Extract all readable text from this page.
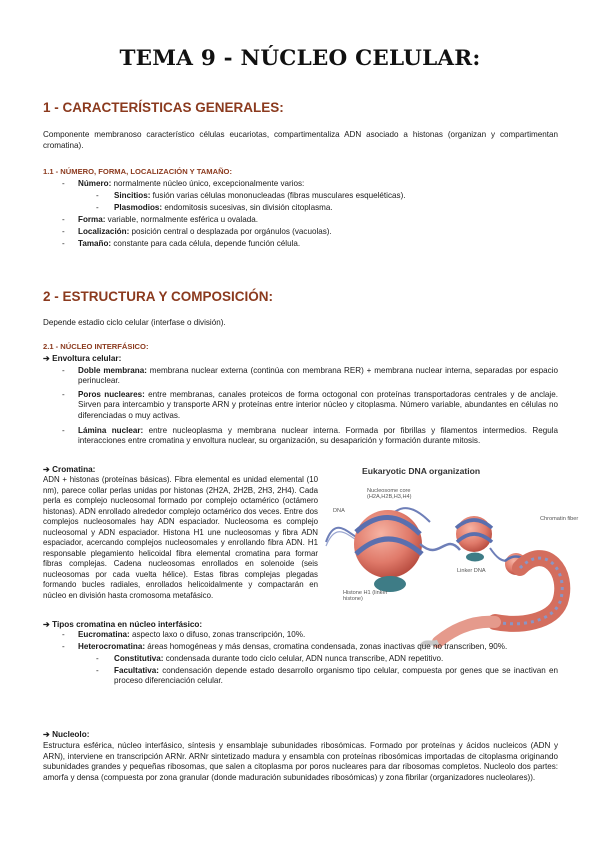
TEMA 9 - NÚCLEO CELULAR:
1 - CARACTERÍSTICAS GENERALES:
Componente membranoso característico células eucariotas, compartimentaliza ADN asociado a histonas (organizan y compartimentan cromatina).
1.1 - NÚMERO, FORMA, LOCALIZACIÓN Y TAMAÑO:
- Número: normalmente núcleo único, excepcionalmente varios:
- Sincitios: fusión varias células mononucleadas (fibras musculares esqueléticas).
- Plasmodios: endomitosis sucesivas, sin división citoplasma.
- Forma: variable, normalmente esférica u ovalada.
- Localización: posición central o desplazada por orgánulos (vacuolas).
- Tamaño: constante para cada célula, depende función célula.
2 - ESTRUCTURA Y COMPOSICIÓN:
Depende estadio ciclo celular (interfase o división).
2.1 - NÚCLEO INTERFÁSICO:
➔ Envoltura celular:
- Doble membrana: membrana nuclear externa (continúa con membrana RER) + membrana nuclear interna, separadas por espacio perinuclear.
- Poros nucleares: entre membranas, canales proteicos de forma octogonal con proteínas transportadoras centrales y de anclaje. Sirven para intercambio y transporte ARN y proteínas entre interior núcleo y citoplasma. Número variable, abundantes en células no diferenciadas o muy activas.
- Lámina nuclear: entre nucleoplasma y membrana nuclear interna. Formada por fibrillas y filamentos intermedios. Regula interacciones entre cromatina y envoltura nuclear, su organización, su desaparición y formación durante mitosis.
➔ Cromatina:
ADN + histonas (proteínas básicas). Fibra elemental es unidad elemental (10 nm), parece collar perlas unidas por histonas (2H2A, 2H2B, 2H3, 2H4). Cada perla es complejo nucleosomal formado por complejo octamérico (octámero histonas). ADN enrollado alrededor complejo octamérico dos veces. Entre dos complejos nucleosomales hay ADN espaciador. Nucleosoma es complejo nucleosomal y ADN espaciador. Histona H1 une nucleosomas y fibra ADN espaciador, acercando complejos nucleosomales y enrollando fibra ADN. H1 responsable plegamiento helicoidal fibra elemental cromatina para formar fibras complejas. Cadena nucleosomas enrollados en solenoide (seis nucleosomas por cada vuelta hélice). Estas fibras complejas plegadas formando bucles radiales, enrollados helicoidalmente y compactarán en núcleo en división hasta cromosoma metafásico.
Eukaryotic DNA organization
DNA
Nucleosome core (H2A,H2B,H3,H4)
Linker DNA
Chromatin fiber
Histone H1 (linker histone)
➔ Tipos cromatina en núcleo interfásico:
- Eucromatina: aspecto laxo o difuso, zonas transcripción, 10%.
- Heterocromatina: áreas homogéneas y más densas, cromatina condensada, zonas inactivas que no transcriben, 90%.
- Constitutiva: condensada durante todo ciclo celular, ADN nunca transcribe, ADN repetitivo.
- Facultativa: condensación depende estado desarrollo organismo tipo celular, compuesta por genes que se inactivan en proceso diferenciación celular.
➔ Nucleolo:
Estructura esférica, núcleo interfásico, síntesis y ensamblaje subunidades ribosómicas. Formado por proteínas y ácidos nucleicos (ADN y ARN), interviene en transcripción ARNr. ARNr sintetizado madura y ensambla con proteínas ribosómicas importadas de citoplasma originando subunidades grandes y pequeñas ribosomas, que salen a citoplasma por poros nucleares para dar ribosomas completos. Nucleolo dos partes: amorfa y densa (compuesta por zona granular (donde maduración subunidades ribosómicas) y zona fibrilar (organizadores nucleolares)).
